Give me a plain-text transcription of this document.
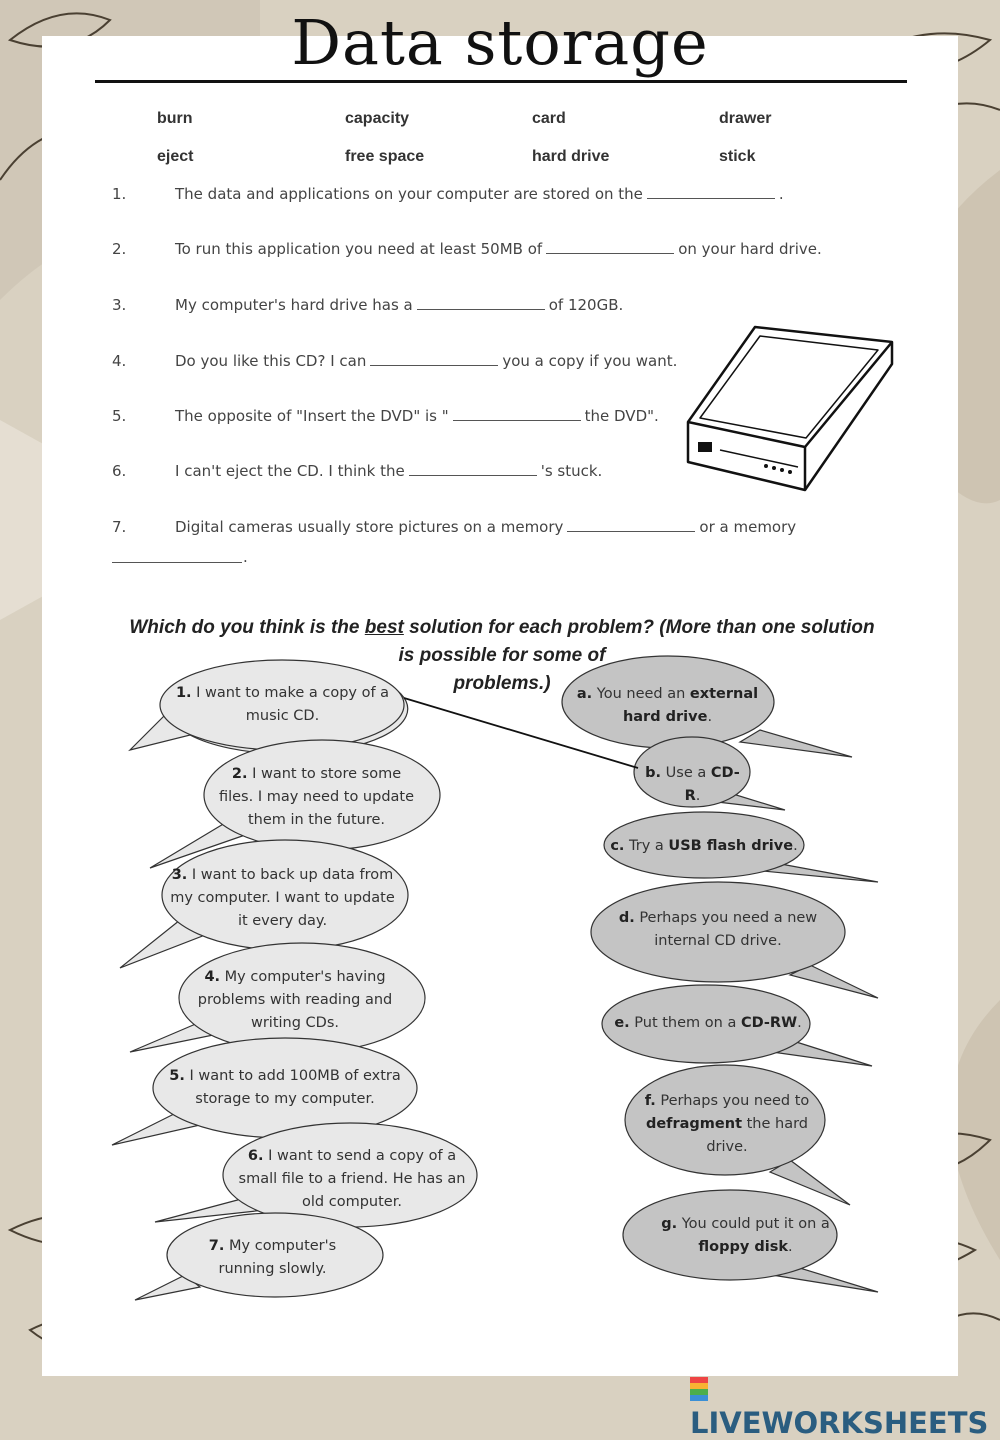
Data storage
burn	capacity	card	drawer
eject	free space	hard drive	stick
1.	The data and applications on your computer are stored on the	.
2.	To run this application you need at least 50MB of	on your hard drive.
3.	My computer's hard drive has a	of 120GB.
4.	Do you like this CD? I can	you a copy if you want.
5.	The opposite of "Insert the DVD" is "	the DVD".
6.	I can't eject the CD. I think the	's stuck.
7.	Digital cameras usually store pictures on a memory	or a memory
.
Which do you think is the best solution for each problem? (More than one solution
is possible for some of
problems.)
1. I want to make a copy of a music CD.
2. I want to store some files. I may need to update them in the future.
3. I want to back up data from my computer. I want to update it every day.
4. My computer's having problems with reading and writing CDs.
5. I want to add 100MB of extra storage to my computer.
6. I want to send a copy of a small file to a friend. He has an old computer.
7. My computer's running slowly.
a. You need an external hard drive.
b. Use a CD-R.
c. Try a USB flash drive.
d. Perhaps you need a new internal CD drive.
e. Put them on a CD-RW.
f. Perhaps you need to defragment the hard drive.
g. You could put it on a floppy disk.
LIVEWORKSHEETS
